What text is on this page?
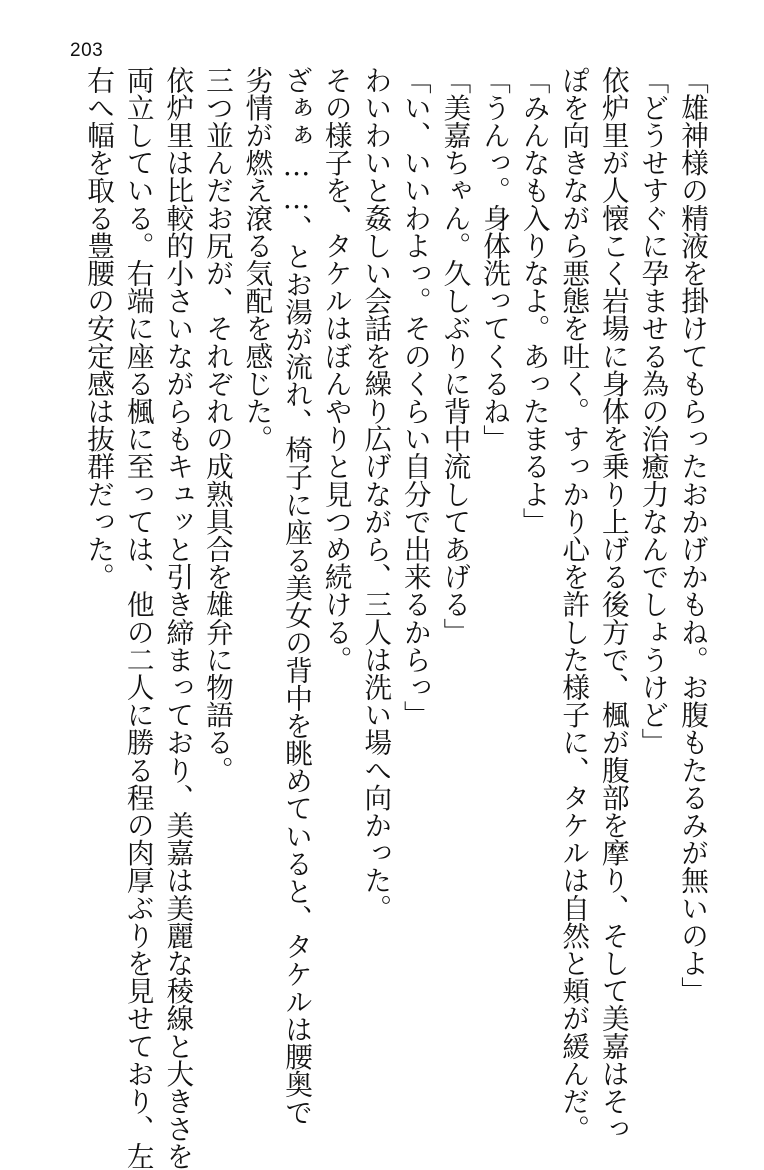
203
「雄神様の精液を掛けてもらったおかげかもね。お腹もたるみが無いのよ」
「どうせすぐに孕ませる為の治癒力なんでしょうけど」
依炉里が人懐こく岩場に身体を乗り上げる後方で、楓が腹部を摩り、そして美嘉はそっ
ぽを向きながら悪態を吐く。すっかり心を許した様子に、タケルは自然と頬が緩んだ。
「みんなも入りなよ。あったまるよ」
「うんっ。身体洗ってくるね」
「美嘉ちゃん。久しぶりに背中流してあげる」
「い、いいわよっ。そのくらい自分で出来るからっ」
わいわいと姦しい会話を繰り広げながら、三人は洗い場へ向かった。
その様子を、タケルはぼんやりと見つめ続ける。
ざぁぁ……、とお湯が流れ、椅子に座る美女の背中を眺めていると、タケルは腰奥で
劣情が燃え滾る気配を感じた。
三つ並んだお尻が、それぞれの成熟具合を雄弁に物語る。
依炉里は比較的小さいながらもキュッと引き締まっており、美嘉は美麗な稜線と大きさを
両立している。右端に座る楓に至っては、他の二人に勝る程の肉厚ぶりを見せており、左
右へ幅を取る豊腰の安定感は抜群だった。
